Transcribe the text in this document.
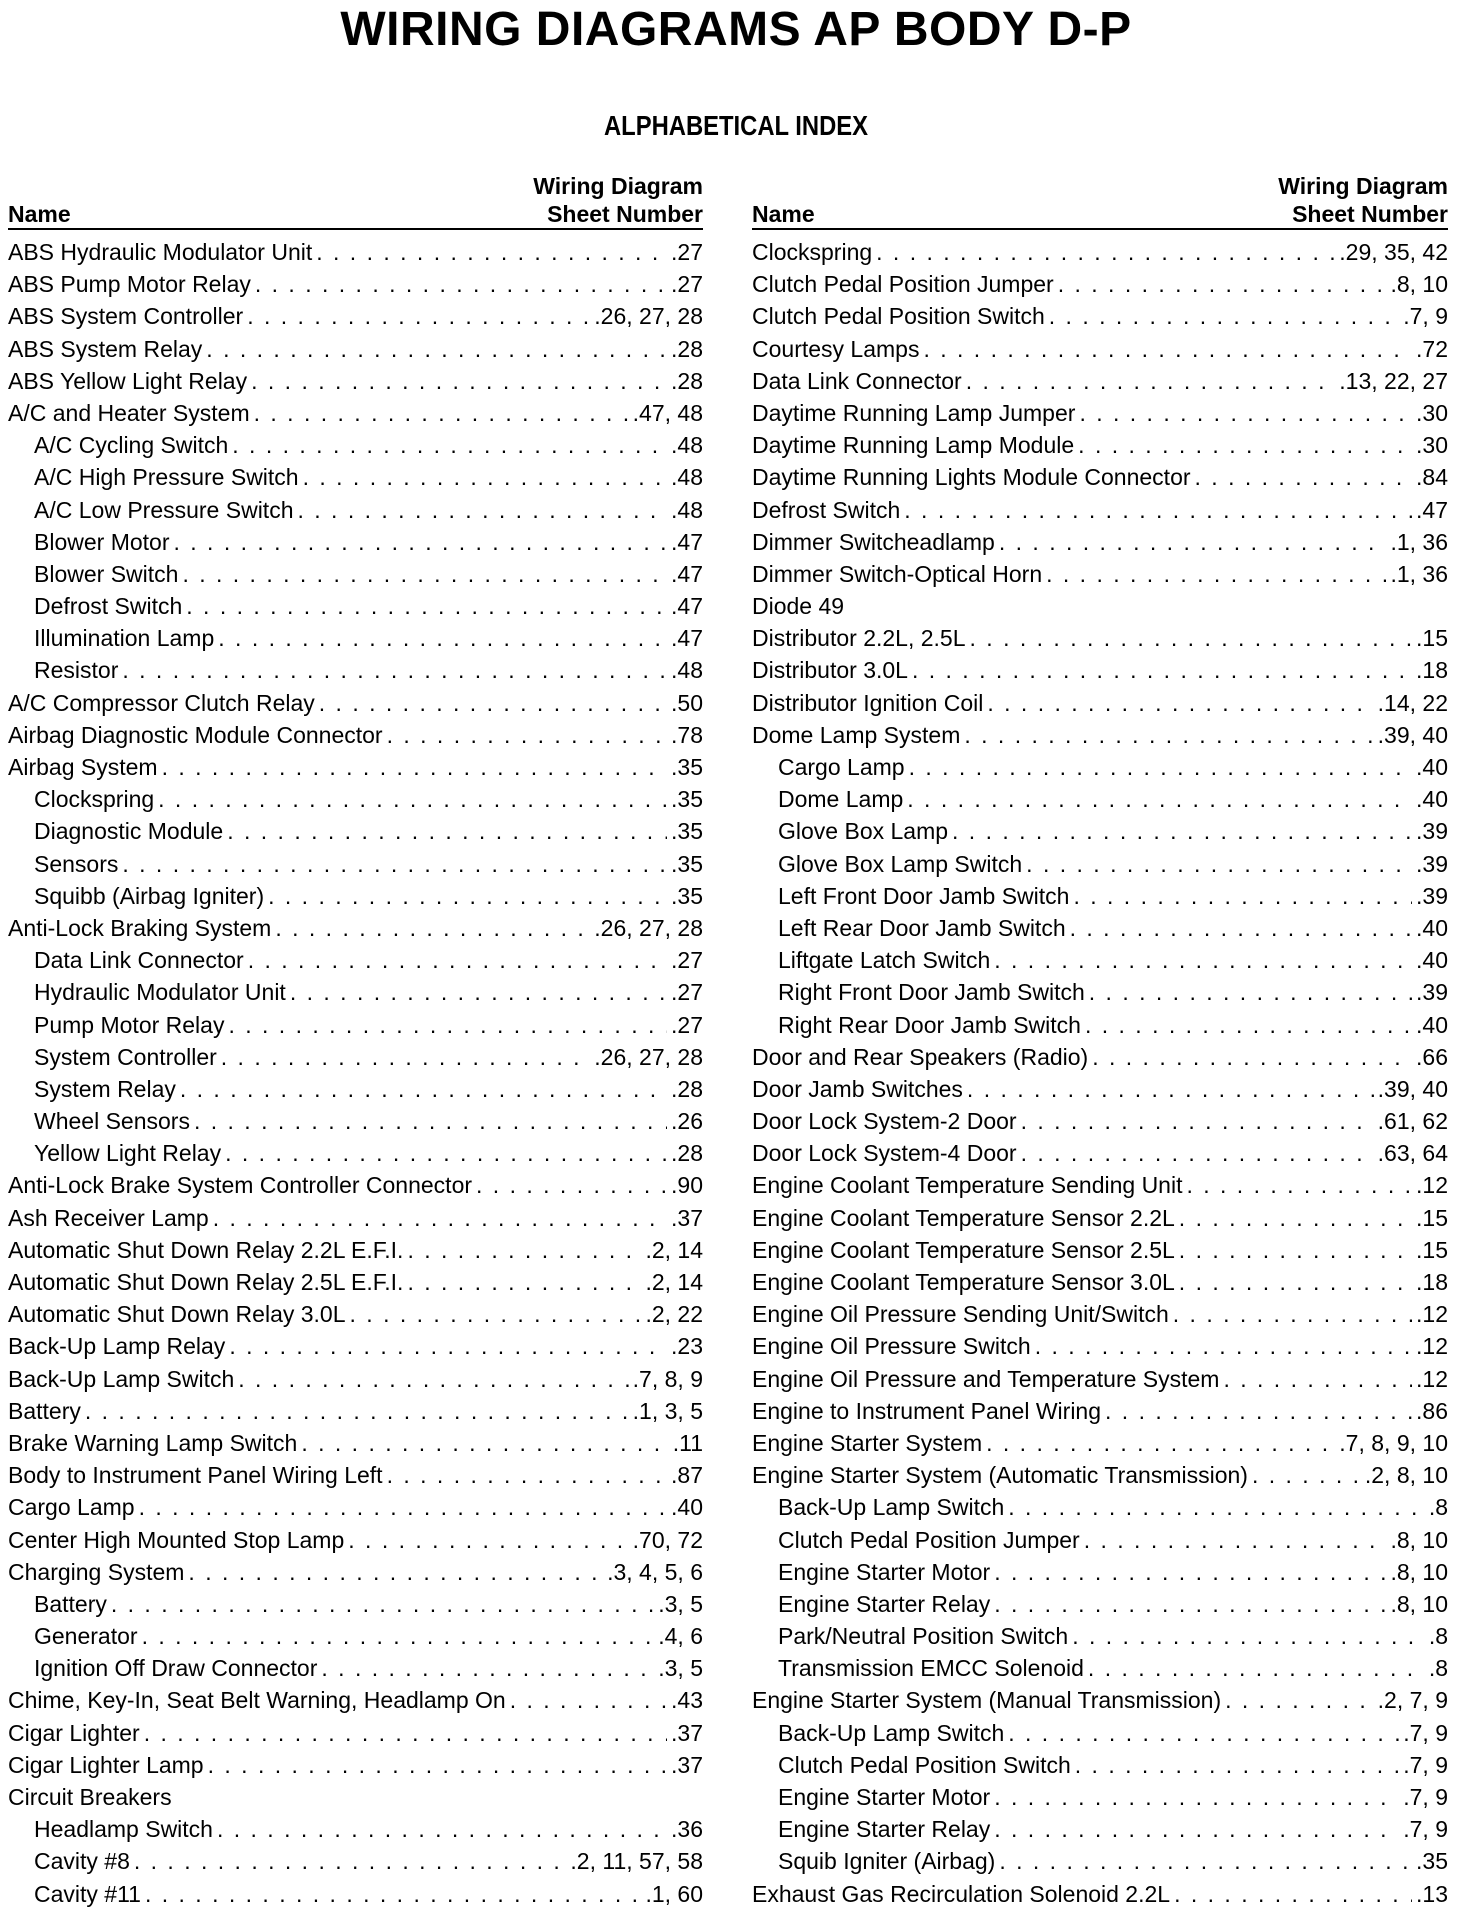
WIRING DIAGRAMS AP BODY D-P
ALPHABETICAL INDEX
Name
Wiring Diagram
Sheet Number
ABS Hydraulic Modulator Unit . . .	.27
ABS Pump Motor Relay . . .	.27
ABS System Controller . . .	.26, 27, 28
ABS System Relay . . .	.28
ABS Yellow Light Relay . . .	.28
A/C and Heater System . . .	.47, 48
A/C Cycling Switch . . .	.48
A/C High Pressure Switch . . .	.48
A/C Low Pressure Switch . . .	.48
Blower Motor . . .	.47
Blower Switch . . .	.47
Defrost Switch . . .	.47
Illumination Lamp . . .	.47
Resistor . . .	.48
A/C Compressor Clutch Relay . . .	.50
Airbag Diagnostic Module Connector . . .	.78
Airbag System . . .	.35
Clockspring . . .	.35
Diagnostic Module . . .	.35
Sensors . . .	.35
Squibb (Airbag Igniter) . . .	.35
Anti-Lock Braking System . . .	.26, 27, 28
Data Link Connector . . .	.27
Hydraulic Modulator Unit . . .	.27
Pump Motor Relay . . .	.27
System Controller . . .	.26, 27, 28
System Relay . . .	.28
Wheel Sensors . . .	.26
Yellow Light Relay . . .	.28
Anti-Lock Brake System Controller Connector . . .	.90
Ash Receiver Lamp . . .	.37
Automatic Shut Down Relay 2.2L E.F.I. . . .	.2, 14
Automatic Shut Down Relay 2.5L E.F.I. . . .	.2, 14
Automatic Shut Down Relay 3.0L . . .	.2, 22
Back-Up Lamp Relay . . .	.23
Back-Up Lamp Switch . . .	.7, 8, 9
Battery . . .	.1, 3, 5
Brake Warning Lamp Switch . . .	.11
Body to Instrument Panel Wiring Left . . .	.87
Cargo Lamp . . .	.40
Center High Mounted Stop Lamp . . .	.70, 72
Charging System . . .	.3, 4, 5, 6
Battery . . .	.3, 5
Generator . . .	.4, 6
Ignition Off Draw Connector . . .	.3, 5
Chime, Key-In, Seat Belt Warning, Headlamp On . . .	.43
Cigar Lighter . . .	.37
Cigar Lighter Lamp . . .	.37
Circuit Breakers
Headlamp Switch . . .	.36
Cavity #8 . . .	.2, 11, 57, 58
Cavity #11 . . .	.1, 60
Name
Wiring Diagram
Sheet Number
Clockspring . . .	.29, 35, 42
Clutch Pedal Position Jumper . . .	.8, 10
Clutch Pedal Position Switch . . .	.7, 9
Courtesy Lamps . . .	.72
Data Link Connector . . .	.13, 22, 27
Daytime Running Lamp Jumper . . .	.30
Daytime Running Lamp Module . . .	.30
Daytime Running Lights Module Connector . . .	.84
Defrost Switch . . .	.47
Dimmer Switcheadlamp . . .	.1, 36
Dimmer Switch-Optical Horn . . .	.1, 36
Diode 49
Distributor 2.2L, 2.5L . . .	.15
Distributor 3.0L . . .	.18
Distributor Ignition Coil . . .	.14, 22
Dome Lamp System . . .	.39, 40
Cargo Lamp . . .	.40
Dome Lamp . . .	.40
Glove Box Lamp . . .	.39
Glove Box Lamp Switch . . .	.39
Left Front Door Jamb Switch . . .	.39
Left Rear Door Jamb Switch . . .	.40
Liftgate Latch Switch . . .	.40
Right Front Door Jamb Switch . . .	.39
Right Rear Door Jamb Switch . . .	.40
Door and Rear Speakers (Radio) . . .	.66
Door Jamb Switches . . .	.39, 40
Door Lock System-2 Door . . .	.61, 62
Door Lock System-4 Door . . .	.63, 64
Engine Coolant Temperature Sending Unit . . .	.12
Engine Coolant Temperature Sensor 2.2L . . .	.15
Engine Coolant Temperature Sensor 2.5L . . .	.15
Engine Coolant Temperature Sensor 3.0L . . .	.18
Engine Oil Pressure Sending Unit/Switch . . .	.12
Engine Oil Pressure Switch . . .	.12
Engine Oil Pressure and Temperature System . . .	.12
Engine to Instrument Panel Wiring . . .	.86
Engine Starter System . . .	.7, 8, 9, 10
Engine Starter System (Automatic Transmission) . . .	.2, 8, 10
Back-Up Lamp Switch . . .	.8
Clutch Pedal Position Jumper . . .	.8, 10
Engine Starter Motor . . .	.8, 10
Engine Starter Relay . . .	.8, 10
Park/Neutral Position Switch . . .	.8
Transmission EMCC Solenoid . . .	.8
Engine Starter System (Manual Transmission) . . .	.2, 7, 9
Back-Up Lamp Switch . . .	.7, 9
Clutch Pedal Position Switch . . .	.7, 9
Engine Starter Motor . . .	.7, 9
Engine Starter Relay . . .	.7, 9
Squib Igniter (Airbag) . . .	.35
Exhaust Gas Recirculation Solenoid 2.2L . . .	.13
